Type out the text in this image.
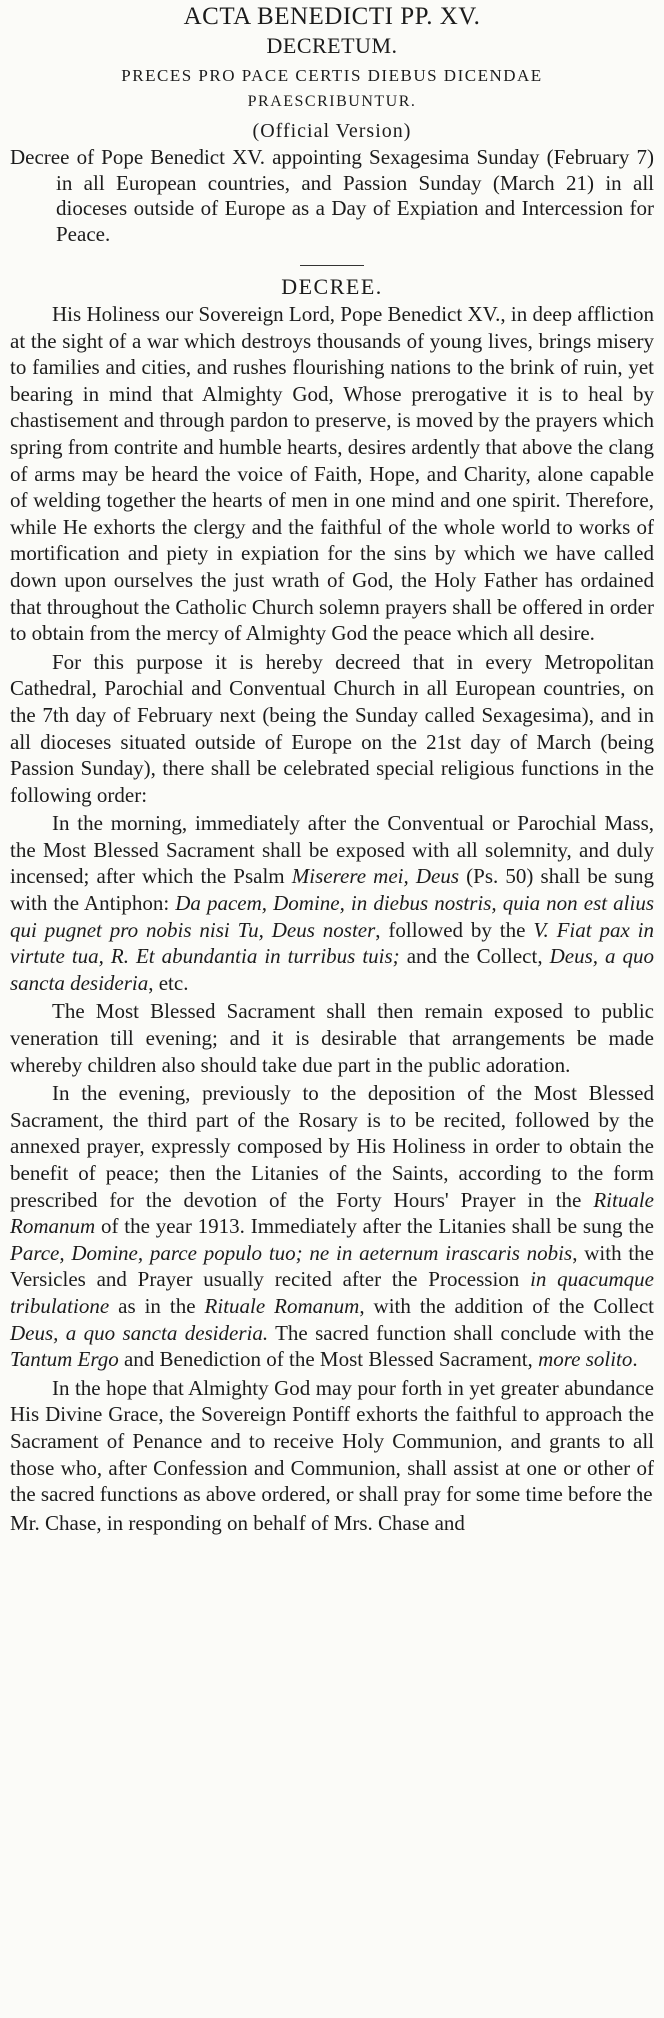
ACTA BENEDICTI PP. XV.
DECRETUM.
PRECES PRO PACE CERTIS DIEBUS DICENDAE
PRAESCRIBUNTUR.
(Official Version)

Decree of Pope Benedict XV. appointing Sexagesima Sunday (February 7) in all European countries, and Passion Sunday (March 21) in all dioceses outside of Europe as a Day of Expiation and Intercession for Peace.

DECREE.

His Holiness our Sovereign Lord, Pope Benedict XV., in deep affliction at the sight of a war which destroys thousands of young lives, brings misery to families and cities, and rushes flourishing nations to the brink of ruin, yet bearing in mind that Almighty God, Whose prerogative it is to heal by chastisement and through pardon to preserve, is moved by the prayers which spring from contrite and humble hearts, desires ardently that above the clang of arms may be heard the voice of Faith, Hope, and Charity, alone capable of welding together the hearts of men in one mind and one spirit. Therefore, while He exhorts the clergy and the faithful of the whole world to works of mortification and piety in expiation for the sins by which we have called down upon ourselves the just wrath of God, the Holy Father has ordained that throughout the Catholic Church solemn prayers shall be offered in order to obtain from the mercy of Almighty God the peace which all desire.

For this purpose it is hereby decreed that in every Metropolitan Cathedral, Parochial and Conventual Church in all European countries, on the 7th day of February next (being the Sunday called Sexagesima), and in all dioceses situated outside of Europe on the 21st day of March (being Passion Sunday), there shall be celebrated special religious functions in the following order:

In the morning, immediately after the Conventual or Parochial Mass, the Most Blessed Sacrament shall be exposed with all solemnity, and duly incensed; after which the Psalm Miserere mei, Deus (Ps. 50) shall be sung with the Antiphon: Da pacem, Domine, in diebus nostris, quia non est alius qui pugnet pro nobis nisi Tu, Deus noster, followed by the V. Fiat pax in virtute tua, R. Et abundantia in turribus tuis; and the Collect, Deus, a quo sancta desideria, etc.

The Most Blessed Sacrament shall then remain exposed to public veneration till evening; and it is desirable that arrangements be made whereby children also should take due part in the public adoration.

In the evening, previously to the deposition of the Most Blessed Sacrament, the third part of the Rosary is to be recited, followed by the annexed prayer, expressly composed by His Holiness in order to obtain the benefit of peace; then the Litanies of the Saints, according to the form prescribed for the devotion of the Forty Hours' Prayer in the Rituale Romanum of the year 1913. Immediately after the Litanies shall be sung the Parce, Domine, parce populo tuo; ne in aeternum irascaris nobis, with the Versicles and Prayer usually recited after the Procession in quacumque tribulatione as in the Rituale Romanum, with the addition of the Collect Deus, a quo sancta desideria. The sacred function shall conclude with the Tantum Ergo and Benediction of the Most Blessed Sacrament, more solito.

In the hope that Almighty God may pour forth in yet greater abundance His Divine Grace, the Sovereign Pontiff exhorts the faithful to approach the Sacrament of Penance and to receive Holy Communion, and grants to all those who, after Confession and Communion, shall assist at one or other of the sacred functions as above ordered, or shall pray for some time before the

Mr. Chase, in responding on behalf of Mrs. Chase and
